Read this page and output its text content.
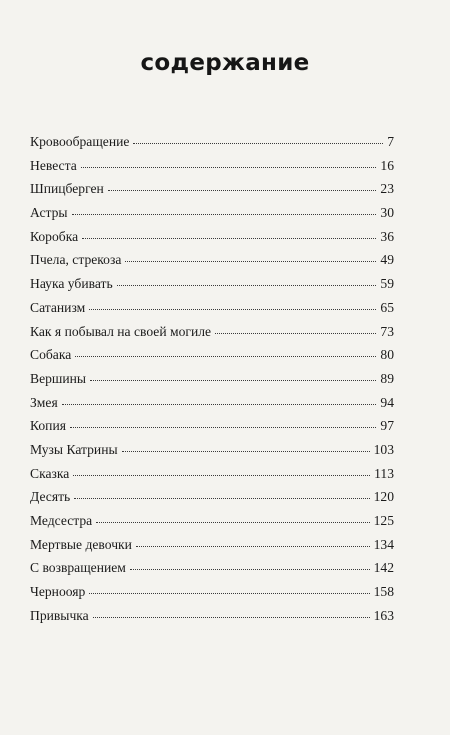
содержание
Кровообращение	7
Невеста	16
Шпицберген	23
Астры	30
Коробка	36
Пчела, стрекоза	49
Наука убивать	59
Сатанизм	65
Как я побывал на своей могиле	73
Собака	80
Вершины	89
Змея	94
Копия	97
Музы Катрины	103
Сказка	113
Десять	120
Медсестра	125
Мертвые девочки	134
С возвращением	142
Черноояр	158
Привычка	163
